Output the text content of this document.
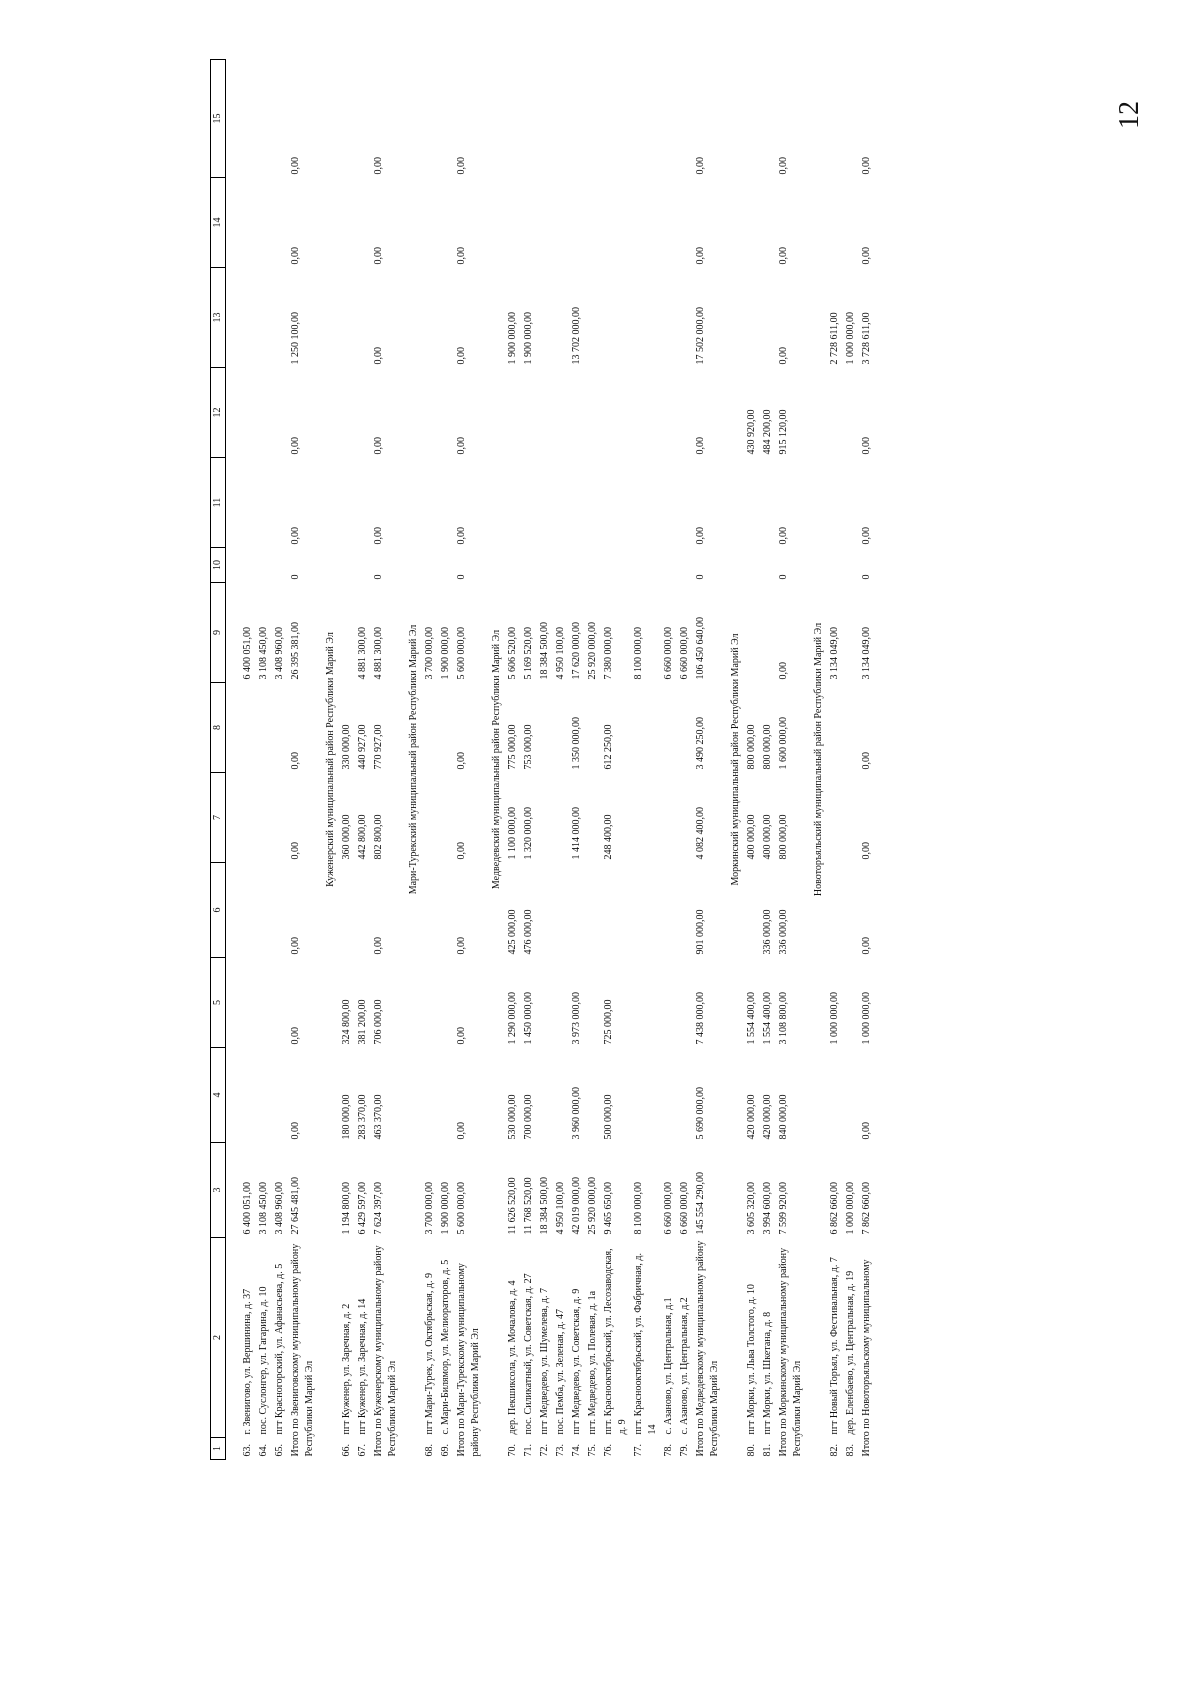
12
1	2	3	4	5	6	7	8	9	10	11	12	13	14	15

63.	г. Звенигово, ул. Вершинина, д. 37	6 400 051,00						6 400 051,00						
64.	пос. Суслонгер, ул. Гагарина, д. 10	3 108 450,00						3 108 450,00						
65.	пгт Красногорский, ул. Афанасьева, д. 5	3 408 960,00						3 408 960,00						
Итого по Звениговскому муниципальному району Республики Марий Эл		27 645 481,00	0,00	0,00	0,00	0,00	0,00	26 395 381,00	0	0,00	0,00	1 250 100,00	0,00	0,00
Куженерский муниципальный район Республики Марий Эл														
66.	пгт Куженер, ул. Заречная, д. 2	1 194 800,00	180 000,00	324 800,00		360 000,00	330 000,00							
67.	пгт Куженер, ул. Заречная, д. 14	6 429 597,00	283 370,00	381 200,00		442 800,00	440 927,00	4 881 300,00						
Итого по Куженерскому муниципальному району Республики Марий Эл		7 624 397,00	463 370,00	706 000,00	0,00	802 800,00	770 927,00	4 881 300,00	0	0,00	0,00	0,00	0,00	0,00
Мари-Турекский муниципальный район Республики Марий Эл														
68.	пгт Мари-Турек, ул. Октябрьская, д. 9	3 700 000,00						3 700 000,00						
69.	с. Мари-Билямор, ул. Мелиораторов, д. 5	1 900 000,00						1 900 000,00						
Итого по Мари-Турекскому муниципальному району Республики Марий Эл		5 600 000,00	0,00	0,00	0,00	0,00	0,00	5 600 000,00	0	0,00	0,00	0,00	0,00	0,00
Медведевский муниципальный район Республики Марий Эл														
70.	дер. Пекшиксола, ул. Мочалова, д. 4	11 626 520,00	530 000,00	1 290 000,00	425 000,00	1 100 000,00	775 000,00	5 606 520,00				1 900 000,00		
71.	пос. Силикатный, ул. Советская, д. 27	11 768 520,00	700 000,00	1 450 000,00	476 000,00	1 320 000,00	753 000,00	5 169 520,00				1 900 000,00		
72.	пгт Медведево, ул. Шумелева, д. 7	18 384 500,00						18 384 500,00						
73.	пос. Пемба, ул. Зеленая, д. 47	4 950 100,00						4 950 100,00						
74.	пгт Медведево, ул. Советская, д. 9	42 019 000,00	3 960 000,00	3 973 000,00		1 414 000,00	1 350 000,00	17 620 000,00				13 702 000,00		
75.	пгт. Медведево, ул. Полевая, д. 1а	25 920 000,00						25 920 000,00						
76.	пгт. Краснооктябрьский, ул. Лесозаводская, д. 9	9 465 650,00	500 000,00	725 000,00		248 400,00	612 250,00	7 380 000,00						
77.	пгт. Краснооктябрьский, ул. Фабричная, д. 14	8 100 000,00						8 100 000,00						
78.	с. Азаново, ул. Центральная, д.1	6 660 000,00						6 660 000,00						
79.	с. Азаново, ул. Центральная, д.2	6 660 000,00						6 660 000,00						
Итого по Медведевскому муниципальному району Республики Марий Эл		145 554 290,00	5 690 000,00	7 438 000,00	901 000,00	4 082 400,00	3 490 250,00	106 450 640,00	0	0,00	0,00	17 502 000,00	0,00	0,00
Моркинский муниципальный район Республики Марий Эл														
80.	пгт Морки, ул. Льва Толстого, д. 10	3 605 320,00	420 000,00	1 554 400,00		400 000,00	800 000,00				430 920,00			
81.	пгт Морки, ул. Шкетана, д. 8	3 994 600,00	420 000,00	1 554 400,00	336 000,00	400 000,00	800 000,00				484 200,00			
Итого по Моркинскому муниципальному району Республики Марий Эл		7 599 920,00	840 000,00	3 108 800,00	336 000,00	800 000,00	1 600 000,00	0,00	0	0,00	915 120,00	0,00	0,00	0,00
Новоторъяльский муниципальный район Республики Марий Эл														
82.	пгт Новый Торъял, ул. Фестивальная, д. 7	6 862 660,00		1 000 000,00				3 134 049,00				2 728 611,00		
83.	дер. Еленбаево, ул. Центральная, д. 19	1 000 000,00										1 000 000,00		
Итого по Новоторъяльскому муниципальному		7 862 660,00	0,00	1 000 000,00	0,00	0,00	0,00	3 134 049,00	0	0,00	0,00	3 728 611,00	0,00	0,00
